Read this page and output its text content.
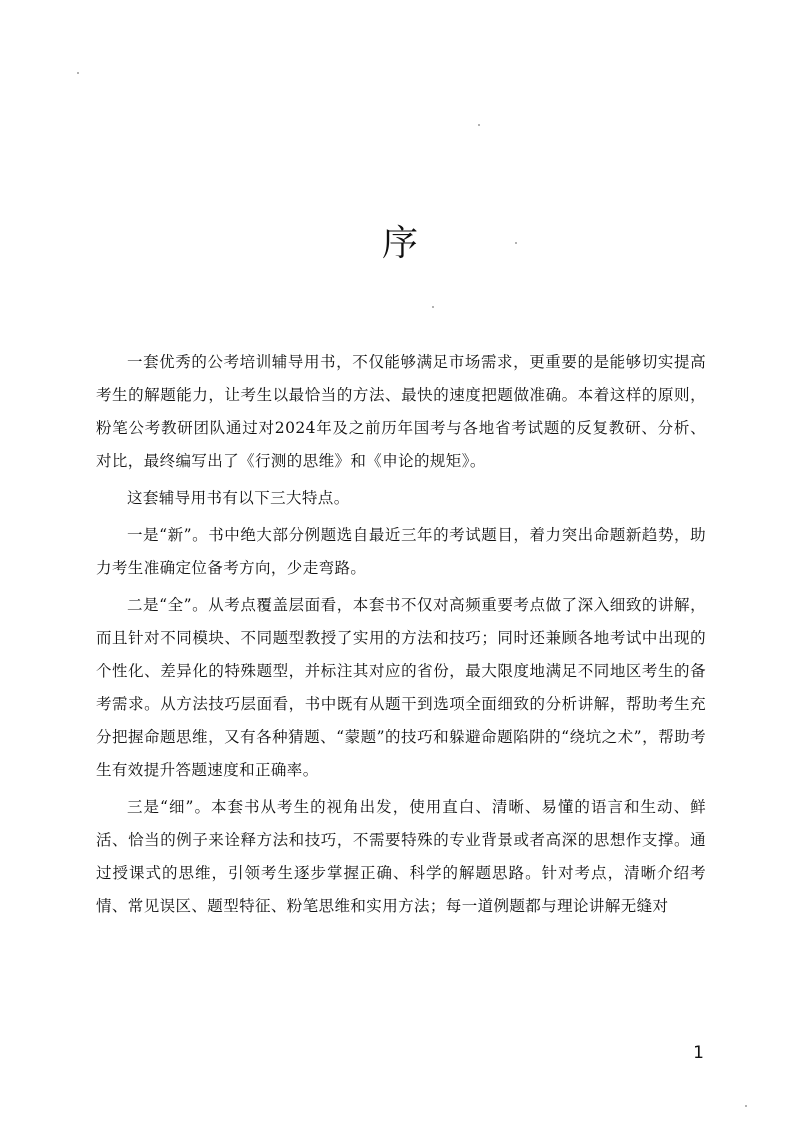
序

一套优秀的公考培训辅导用书，不仅能够满足市场需求，更重要的是能够切实提高考生的解题能力，让考生以最恰当的方法、最快的速度把题做准确。本着这样的原则，粉笔公考教研团队通过对2024年及之前历年国考与各地省考试题的反复教研、分析、对比，最终编写出了《行测的思维》和《申论的规矩》。

这套辅导用书有以下三大特点。

一是“新”。书中绝大部分例题选自最近三年的考试题目，着力突出命题新趋势，助力考生准确定位备考方向，少走弯路。

二是“全”。从考点覆盖层面看，本套书不仅对高频重要考点做了深入细致的讲解，而且针对不同模块、不同题型教授了实用的方法和技巧；同时还兼顾各地考试中出现的个性化、差异化的特殊题型，并标注其对应的省份，最大限度地满足不同地区考生的备考需求。从方法技巧层面看，书中既有从题干到选项全面细致的分析讲解，帮助考生充分把握命题思维，又有各种猜题、“蒙题”的技巧和躲避命题陷阱的“绕坑之术”，帮助考生有效提升答题速度和正确率。

三是“细”。本套书从考生的视角出发，使用直白、清晰、易懂的语言和生动、鲜活、恰当的例子来诠释方法和技巧，不需要特殊的专业背景或者高深的思想作支撑。通过授课式的思维，引领考生逐步掌握正确、科学的解题思路。针对考点，清晰介绍考情、常见误区、题型特征、粉笔思维和实用方法；每一道例题都与理论讲解无缝对

1
